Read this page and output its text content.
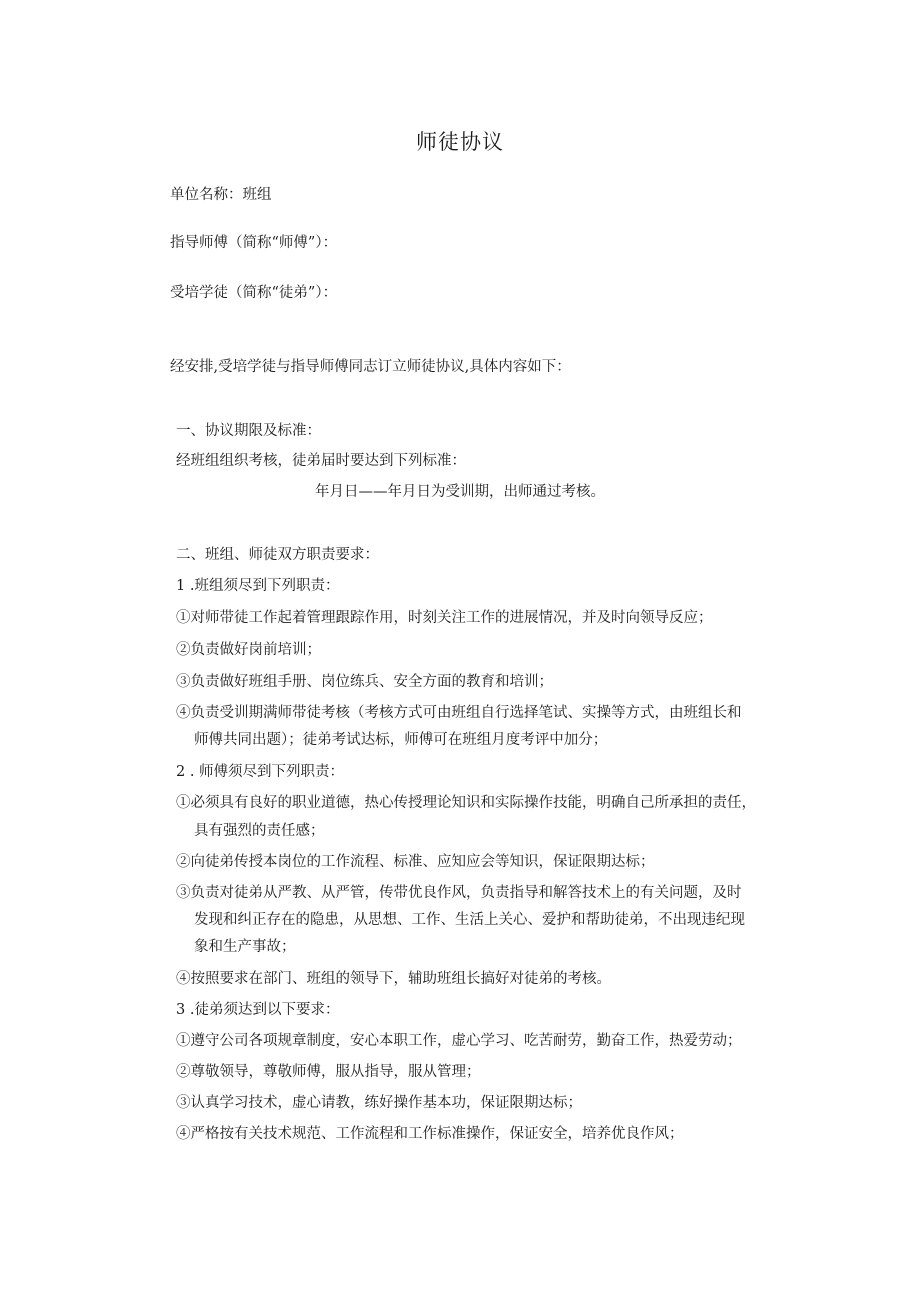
师徒协议
单位名称：班组
指导师傅（简称“师傅”）：
受培学徒（简称“徒弟”）：
经安排,受培学徒与指导师傅同志订立师徒协议,具体内容如下：
一、协议期限及标准：
经班组组织考核，徒弟届时要达到下列标准：
年月日——年月日为受训期，出师通过考核。
二、班组、师徒双方职责要求：
1 .班组须尽到下列职责：
①对师带徒工作起着管理跟踪作用，时刻关注工作的进展情况，并及时向领导反应；
②负责做好岗前培训；
③负责做好班组手册、岗位练兵、安全方面的教育和培训；
④负责受训期满师带徒考核（考核方式可由班组自行选择笔试、实操等方式，由班组长和
师傅共同出题）；徒弟考试达标，师傅可在班组月度考评中加分；
2 . 师傅须尽到下列职责：
①必须具有良好的职业道德，热心传授理论知识和实际操作技能，明确自己所承担的责任，
具有强烈的责任感；
②向徒弟传授本岗位的工作流程、标准、应知应会等知识，保证限期达标；
③负责对徒弟从严教、从严管，传带优良作风，负责指导和解答技术上的有关问题，及时
发现和纠正存在的隐患，从思想、工作、生活上关心、爱护和帮助徒弟，不出现违纪现
象和生产事故；
④按照要求在部门、班组的领导下，辅助班组长搞好对徒弟的考核。
3 .徒弟须达到以下要求：
①遵守公司各项规章制度，安心本职工作，虚心学习、吃苦耐劳，勤奋工作，热爱劳动；
②尊敬领导，尊敬师傅，服从指导，服从管理；
③认真学习技术，虚心请教，练好操作基本功，保证限期达标；
④严格按有关技术规范、工作流程和工作标准操作，保证安全，培养优良作风；
